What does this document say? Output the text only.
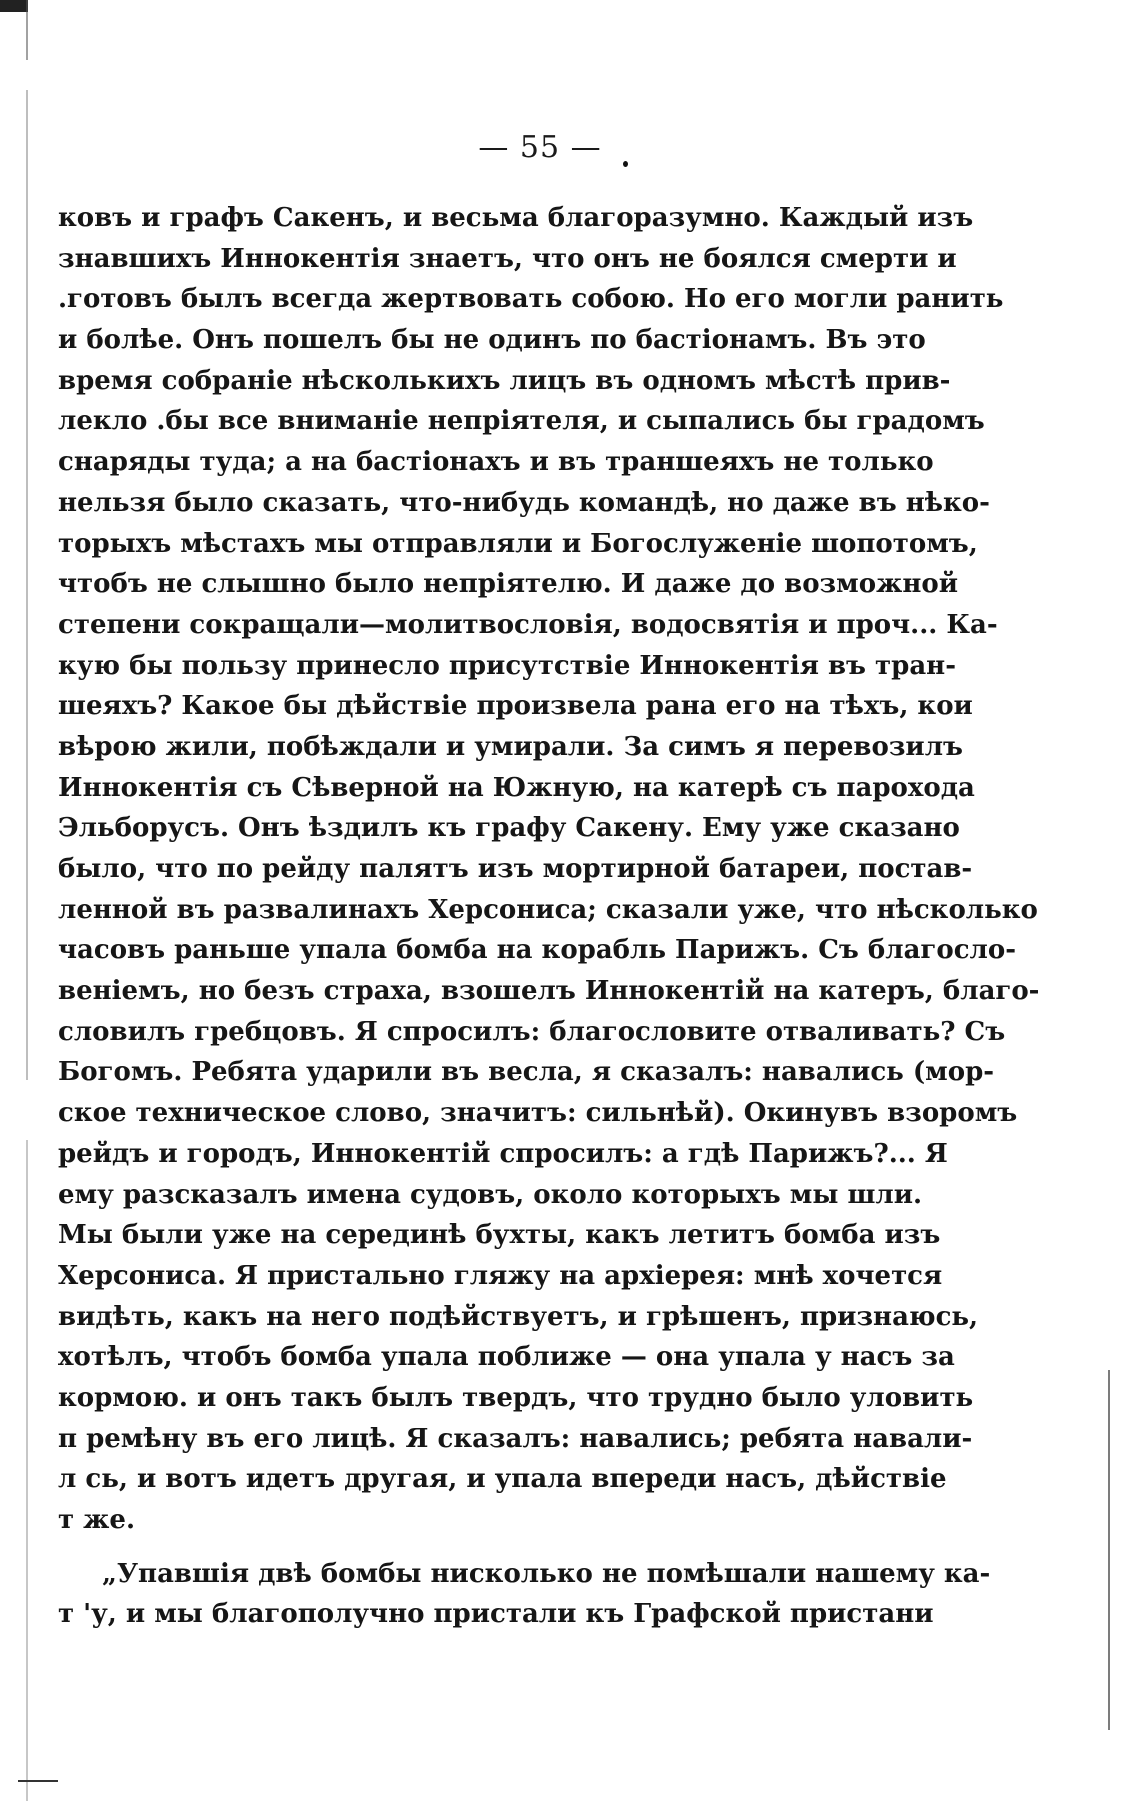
— 55 —
ковъ и графъ Сакенъ, и весьма благоразумно. Каждый изъ
знавшихъ Иннокентія знаетъ, что онъ не боялся смерти и
.готовъ былъ всегда жертвовать собою. Но его могли ранить
и болѣе. Онъ пошелъ бы не одинъ по бастіонамъ. Въ это
время собраніе нѣсколькихъ лицъ въ одномъ мѣстѣ прив-
лекло .бы все вниманіе непріятеля, и сыпались бы градомъ
снаряды туда; а на бастіонахъ и въ траншеяхъ не только
нельзя было сказать, что-нибудь командѣ, но даже въ нѣко-
торыхъ мѣстахъ мы отправляли и Богослуженіе шопотомъ,
чтобъ не слышно было непріятелю. И даже до возможной
степени сокращали—молитвословія, водосвятія и проч... Ка-
кую бы пользу принесло присутствіе Иннокентія въ тран-
шеяхъ? Какое бы дѣйствіе произвела рана его на тѣхъ, кои
вѣрою жили, побѣждали и умирали. За симъ я перевозилъ
Иннокентія съ Сѣверной на Южную, на катерѣ съ парохода
Эльборусъ. Онъ ѣздилъ къ графу Сакену. Ему уже сказано
было, что по рейду палятъ изъ мортирной батареи, постав-
ленной въ развалинахъ Херсониса; сказали уже, что нѣсколько
часовъ раньше упала бомба на корабль Парижъ. Съ благосло-
веніемъ, но безъ страха, взошелъ Иннокентій на катеръ, благо-
словилъ гребцовъ. Я спросилъ: благословите отваливать? Съ
Богомъ. Ребята ударили въ весла, я сказалъ: навались (мор-
ское техническое слово, значитъ: сильнѣй). Окинувъ взоромъ
рейдъ и городъ, Иннокентій спросилъ: а гдѣ Парижъ?... Я
ему разсказалъ имена судовъ, около которыхъ мы шли.
Мы были уже на серединѣ бухты, какъ летитъ бомба изъ
Херсониса. Я пристально гляжу на архіерея: мнѣ хочется
видѣть, какъ на него подѣйствуетъ, и грѣшенъ, признаюсь,
хотѣлъ, чтобъ бомба упала поближе — она упала у насъ за
кормою. и онъ такъ былъ твердъ, что трудно было уловить
п ремѣну въ его лицѣ. Я сказалъ: навались; ребята навали-
л сь, и вотъ идетъ другая, и упала впереди насъ, дѣйствіе
т же.
„Упавшія двѣ бомбы нисколько не помѣшали нашему ка-
т 'у, и мы благополучно пристали къ Графской пристани
